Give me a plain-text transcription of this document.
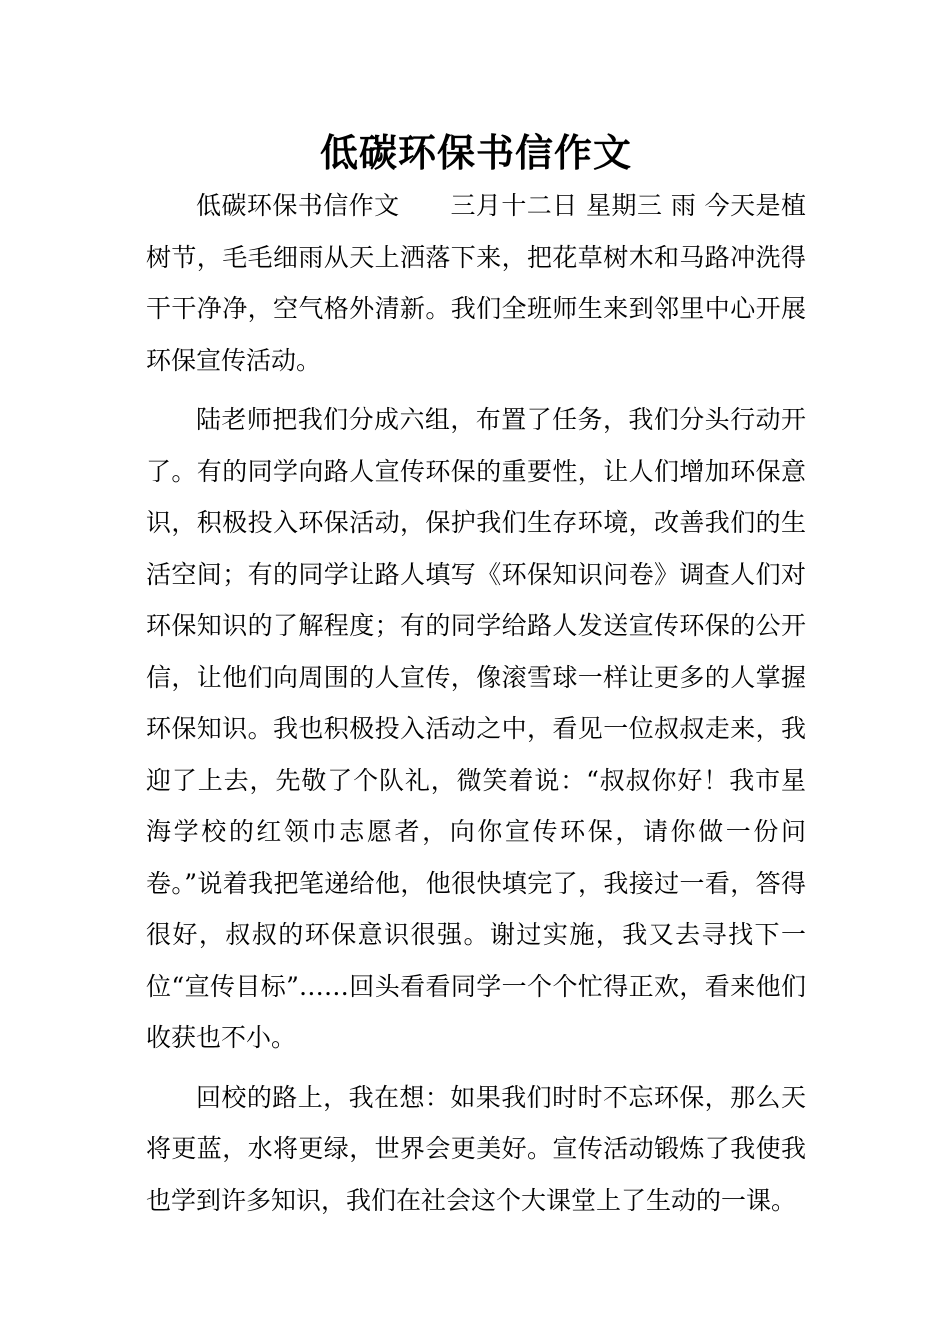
低碳环保书信作文

低碳环保书信作文　　三月十二日 星期三 雨 今天是植树节，毛毛细雨从天上洒落下来，把花草树木和马路冲洗得干干净净，空气格外清新。我们全班师生来到邻里中心开展环保宣传活动。

陆老师把我们分成六组，布置了任务，我们分头行动开了。有的同学向路人宣传环保的重要性，让人们增加环保意识，积极投入环保活动，保护我们生存环境，改善我们的生活空间；有的同学让路人填写《环保知识问卷》调查人们对环保知识的了解程度；有的同学给路人发送宣传环保的公开信，让他们向周围的人宣传，像滚雪球一样让更多的人掌握环保知识。我也积极投入活动之中，看见一位叔叔走来，我迎了上去，先敬了个队礼，微笑着说：“叔叔你好！我市星海学校的红领巾志愿者，向你宣传环保，请你做一份问卷。”说着我把笔递给他，他很快填完了，我接过一看，答得很好，叔叔的环保意识很强。谢过实施，我又去寻找下一位“宣传目标”……回头看看同学一个个忙得正欢，看来他们收获也不小。

回校的路上，我在想：如果我们时时不忘环保，那么天将更蓝，水将更绿，世界会更美好。宣传活动锻炼了我使我也学到许多知识，我们在社会这个大课堂上了生动的一课。
